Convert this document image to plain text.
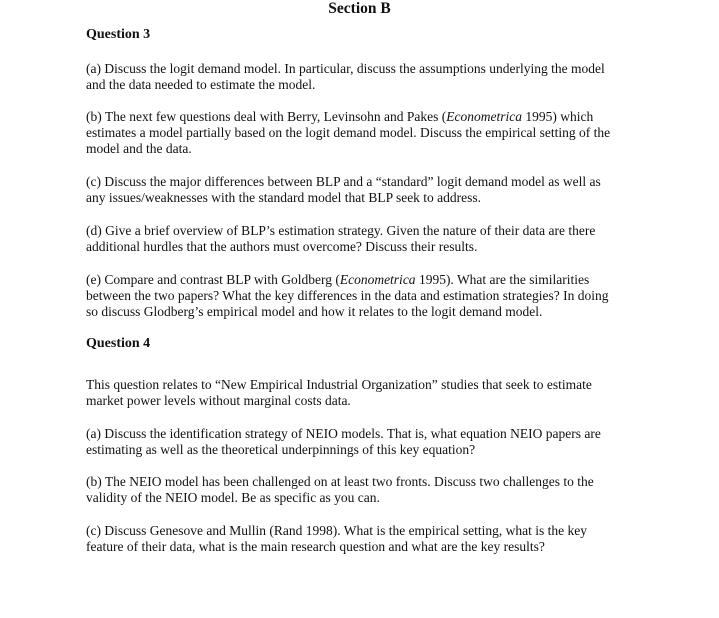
Section B
Question 3

(a) Discuss the logit demand model. In particular, discuss the assumptions underlying the model

and the data needed to estimate the model.

(b) The next few questions deal with Berry, Levinsohn and Pakes (Econometrica 1995) which

estimates a model partially based on the logit demand model. Discuss the empirical setting of the

model and the data.

(c) Discuss the major differences between BLP and a “standard” logit demand model as well as

any issues/weaknesses with the standard model that BLP seek to address.

(d) Give a brief overview of BLP’s estimation strategy. Given the nature of their data are there

additional hurdles that the authors must overcome? Discuss their results.

(e) Compare and contrast BLP with Goldberg (Econometrica 1995). What are the similarities

between the two papers? What the key differences in the data and estimation strategies? In doing

so discuss Glodberg’s empirical model and how it relates to the logit demand model.

Question 4

This question relates to “New Empirical Industrial Organization” studies that seek to estimate

market power levels without marginal costs data.

(a) Discuss the identification strategy of NEIO models. That is, what equation NEIO papers are

estimating as well as the theoretical underpinnings of this key equation?

(b) The NEIO model has been challenged on at least two fronts. Discuss two challenges to the

validity of the NEIO model. Be as specific as you can.

(c) Discuss Genesove and Mullin (Rand 1998). What is the empirical setting, what is the key

feature of their data, what is the main research question and what are the key results?
